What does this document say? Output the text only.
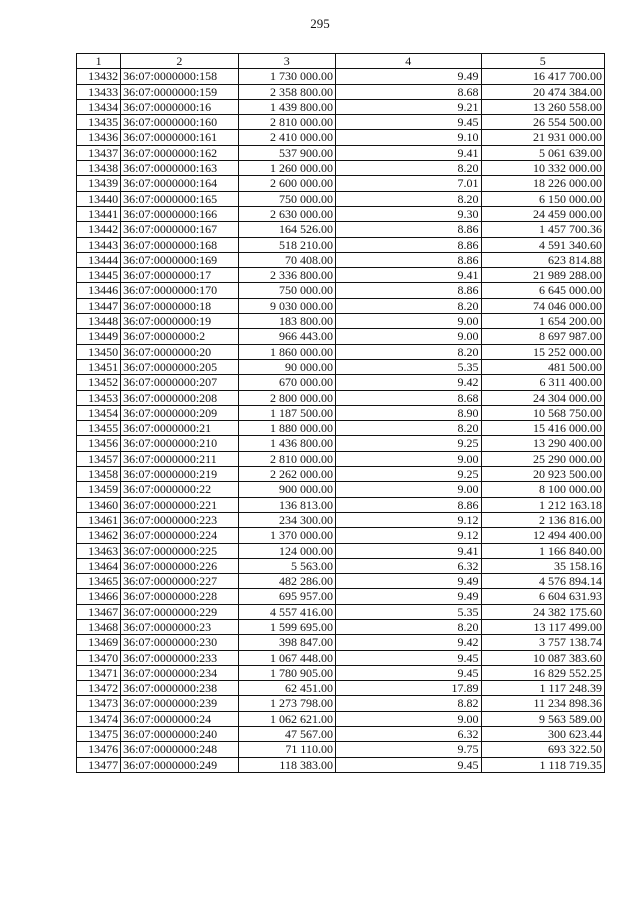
295
1	2	3	4	5
13432	36:07:0000000:158	1 730 000.00	9.49	16 417 700.00
13433	36:07:0000000:159	2 358 800.00	8.68	20 474 384.00
13434	36:07:0000000:16	1 439 800.00	9.21	13 260 558.00
13435	36:07:0000000:160	2 810 000.00	9.45	26 554 500.00
13436	36:07:0000000:161	2 410 000.00	9.10	21 931 000.00
13437	36:07:0000000:162	537 900.00	9.41	5 061 639.00
13438	36:07:0000000:163	1 260 000.00	8.20	10 332 000.00
13439	36:07:0000000:164	2 600 000.00	7.01	18 226 000.00
13440	36:07:0000000:165	750 000.00	8.20	6 150 000.00
13441	36:07:0000000:166	2 630 000.00	9.30	24 459 000.00
13442	36:07:0000000:167	164 526.00	8.86	1 457 700.36
13443	36:07:0000000:168	518 210.00	8.86	4 591 340.60
13444	36:07:0000000:169	70 408.00	8.86	623 814.88
13445	36:07:0000000:17	2 336 800.00	9.41	21 989 288.00
13446	36:07:0000000:170	750 000.00	8.86	6 645 000.00
13447	36:07:0000000:18	9 030 000.00	8.20	74 046 000.00
13448	36:07:0000000:19	183 800.00	9.00	1 654 200.00
13449	36:07:0000000:2	966 443.00	9.00	8 697 987.00
13450	36:07:0000000:20	1 860 000.00	8.20	15 252 000.00
13451	36:07:0000000:205	90 000.00	5.35	481 500.00
13452	36:07:0000000:207	670 000.00	9.42	6 311 400.00
13453	36:07:0000000:208	2 800 000.00	8.68	24 304 000.00
13454	36:07:0000000:209	1 187 500.00	8.90	10 568 750.00
13455	36:07:0000000:21	1 880 000.00	8.20	15 416 000.00
13456	36:07:0000000:210	1 436 800.00	9.25	13 290 400.00
13457	36:07:0000000:211	2 810 000.00	9.00	25 290 000.00
13458	36:07:0000000:219	2 262 000.00	9.25	20 923 500.00
13459	36:07:0000000:22	900 000.00	9.00	8 100 000.00
13460	36:07:0000000:221	136 813.00	8.86	1 212 163.18
13461	36:07:0000000:223	234 300.00	9.12	2 136 816.00
13462	36:07:0000000:224	1 370 000.00	9.12	12 494 400.00
13463	36:07:0000000:225	124 000.00	9.41	1 166 840.00
13464	36:07:0000000:226	5 563.00	6.32	35 158.16
13465	36:07:0000000:227	482 286.00	9.49	4 576 894.14
13466	36:07:0000000:228	695 957.00	9.49	6 604 631.93
13467	36:07:0000000:229	4 557 416.00	5.35	24 382 175.60
13468	36:07:0000000:23	1 599 695.00	8.20	13 117 499.00
13469	36:07:0000000:230	398 847.00	9.42	3 757 138.74
13470	36:07:0000000:233	1 067 448.00	9.45	10 087 383.60
13471	36:07:0000000:234	1 780 905.00	9.45	16 829 552.25
13472	36:07:0000000:238	62 451.00	17.89	1 117 248.39
13473	36:07:0000000:239	1 273 798.00	8.82	11 234 898.36
13474	36:07:0000000:24	1 062 621.00	9.00	9 563 589.00
13475	36:07:0000000:240	47 567.00	6.32	300 623.44
13476	36:07:0000000:248	71 110.00	9.75	693 322.50
13477	36:07:0000000:249	118 383.00	9.45	1 118 719.35
